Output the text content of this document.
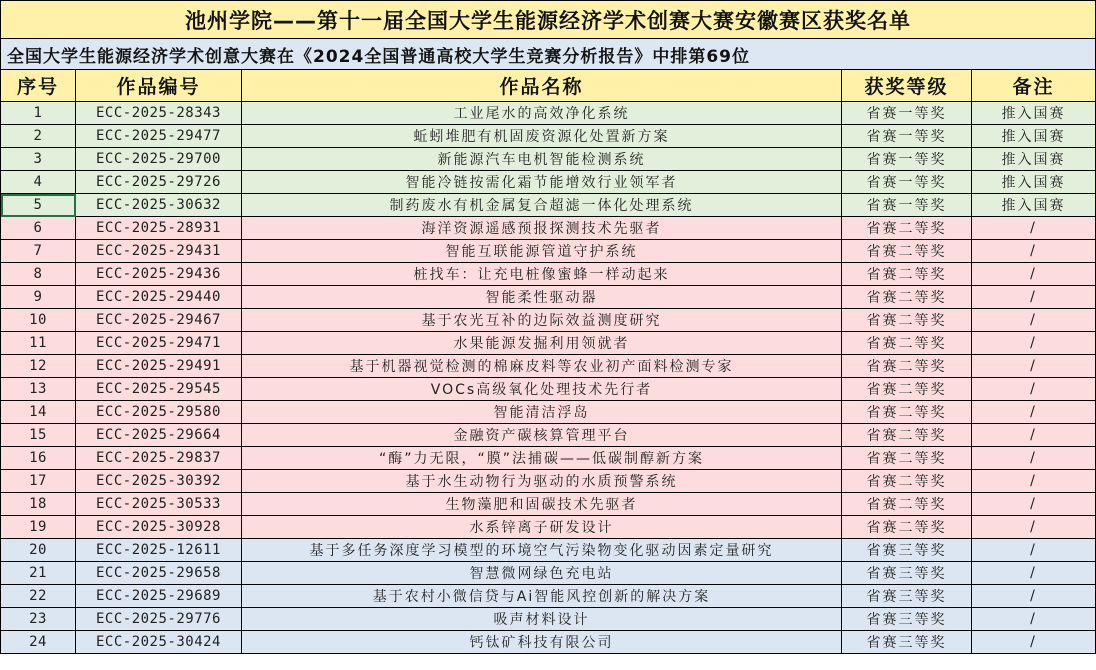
池州学院——第十一届全国大学生能源经济学术创赛大赛安徽赛区获奖名单				
全国大学生能源经济学术创意大赛在《2024全国普通高校大学生竞赛分析报告》中排第69位				
序号	作品编号	作品名称	获奖等级	备注
1	ECC-2025-28343	工业尾水的高效净化系统	省赛一等奖	推入国赛
2	ECC-2025-29477	蚯蚓堆肥有机固废资源化处置新方案	省赛一等奖	推入国赛
3	ECC-2025-29700	新能源汽车电机智能检测系统	省赛一等奖	推入国赛
4	ECC-2025-29726	智能冷链按需化霜节能增效行业领军者	省赛一等奖	推入国赛
5	ECC-2025-30632	制药废水有机金属复合超滤一体化处理系统	省赛一等奖	推入国赛
6	ECC-2025-28931	海洋资源遥感预报探测技术先驱者	省赛二等奖	/
7	ECC-2025-29431	智能互联能源管道守护系统	省赛二等奖	/
8	ECC-2025-29436	桩找车：让充电桩像蜜蜂一样动起来	省赛二等奖	/
9	ECC-2025-29440	智能柔性驱动器	省赛二等奖	/
10	ECC-2025-29467	基于农光互补的边际效益测度研究	省赛二等奖	/
11	ECC-2025-29471	水果能源发掘利用领就者	省赛二等奖	/
12	ECC-2025-29491	基于机器视觉检测的棉麻皮料等农业初产面料检测专家	省赛二等奖	/
13	ECC-2025-29545	VOCs高级氧化处理技术先行者	省赛二等奖	/
14	ECC-2025-29580	智能清洁浮岛	省赛二等奖	/
15	ECC-2025-29664	金融资产碳核算管理平台	省赛二等奖	/
16	ECC-2025-29837	“酶”力无限，“膜”法捕碳——低碳制醇新方案	省赛二等奖	/
17	ECC-2025-30392	基于水生动物行为驱动的水质预警系统	省赛二等奖	/
18	ECC-2025-30533	生物藻肥和固碳技术先驱者	省赛二等奖	/
19	ECC-2025-30928	水系锌离子研发设计	省赛二等奖	/
20	ECC-2025-12611	基于多任务深度学习模型的环境空气污染物变化驱动因素定量研究	省赛三等奖	/
21	ECC-2025-29658	智慧微网绿色充电站	省赛三等奖	/
22	ECC-2025-29689	基于农村小微信贷与Ai智能风控创新的解决方案	省赛三等奖	/
23	ECC-2025-29776	吸声材料设计	省赛三等奖	/
24	ECC-2025-30424	钙钛矿科技有限公司	省赛三等奖	/
